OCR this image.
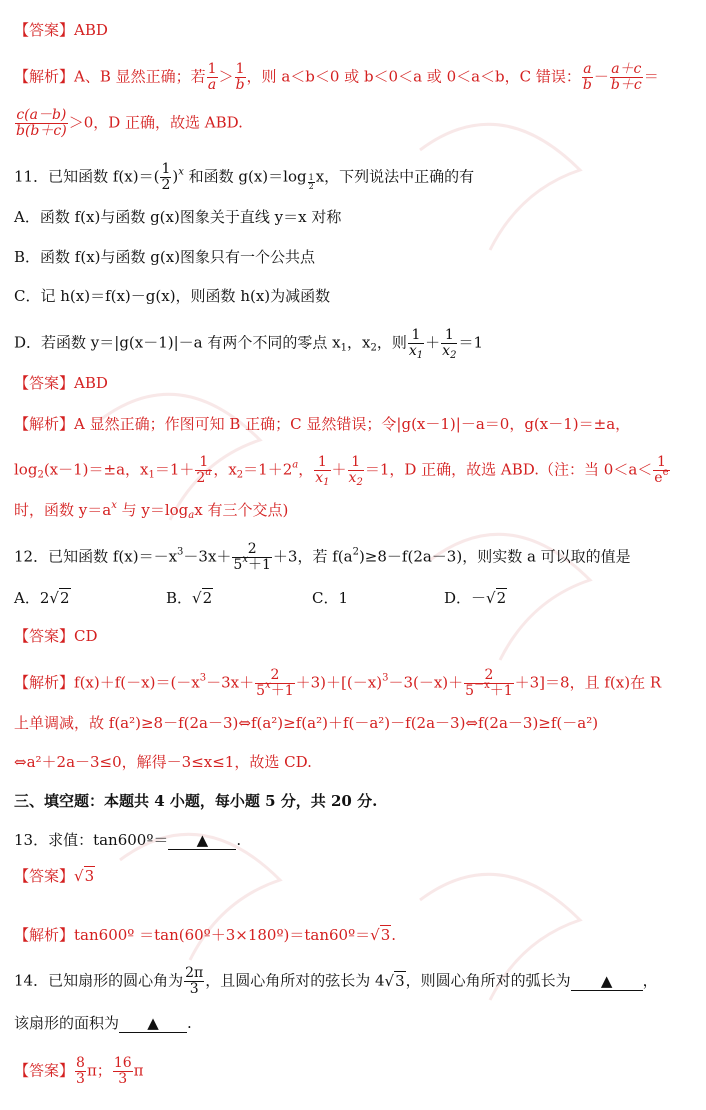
【答案】ABD
【解析】A、B 显然正确；若 $\frac{1}{a} > \frac{1}{b}$ ，则 a＜b＜0 或 b＜0＜a 或 0＜a＜b，C 错误： $\frac{a}{b} - \frac{a+c}{b+c}$ ＝
$\frac{c(a-b)}{b(b+c)} >0$，D 正确，故选 ABD.
11．已知函数 $f(x)=( \frac{1}{2} )^x$ 和函数 g(x)＝log $_{\frac{1}{2}}$ x，下列说法中正确的有
A．函数 f(x)与函数 g(x)图象关于直线 y＝x 对称
B．函数 f(x)与函数 g(x)图象只有一个公共点
C．记 h(x)＝f(x)－g(x)，则函数 h(x)为减函数
D．若函数 y＝|g(x－1)|－a 有两个不同的零点 $x_1$，$x_2$，则 $\frac{1}{x_1} + \frac{1}{x_2} =1$
【答案】ABD
【解析】A 显然正确；作图可知 B 正确；C 显然错误；令|g(x－1)|－a＝0，g(x－1)＝±a，
$\log_2(x-1)=\pm a$，$x_1=1+ \frac{1}{2^a}$ ，$x_2=1+2^a$， $\frac{1}{x_1} + \frac{1}{x_2} =1$，D 正确，故选 ABD.（注：当 $0<a< \frac{1}{e^e}$
时，函数 $y=a^x$ 与 $y=\log_ax$ 有三个交点)
12．已知函数 $f(x)=-x^3-3x+ \frac{2}{5^x+1} +3$，若 $f(a^2)\ge 8-f(2a-3)$，则实数 a 可以取的值是
A．2√2	B．√2	C．1	D．－√2
【答案】CD
【解析】$f(x)+f(-x)=(-x^3-3x+ \frac{2}{5^x+1} +3)+[(-x)^3-3(-x)+ \frac{2}{5^{-x}+1} +3]=8$，且 f(x)在 R
上单调减，故 f(a²)≥8－f(2a－3)⇔f(a²)≥f(a²)＋f(－a²)－f(2a－3)⇔f(2a－3)≥f(－a²)
⇔a²＋2a－3≤0，解得－3≤x≤1，故选 CD.
三、填空题：本题共 4 小题，每小题 5 分，共 20 分.
13．求值：tan600º＝ ▲ .
【答案】√3
【解析】tan600º ＝tan(60º＋3×180º)＝tan60º＝√3.
14．已知扇形的圆心角为 $\frac{2\pi}{3}$ ，且圆心角所对的弦长为 4√3，则圆心角所对的弧长为 ▲ ，
该扇形的面积为 ▲ .
【答案】 $\frac{8}{3}$ π； $\frac{16}{3}$ π
